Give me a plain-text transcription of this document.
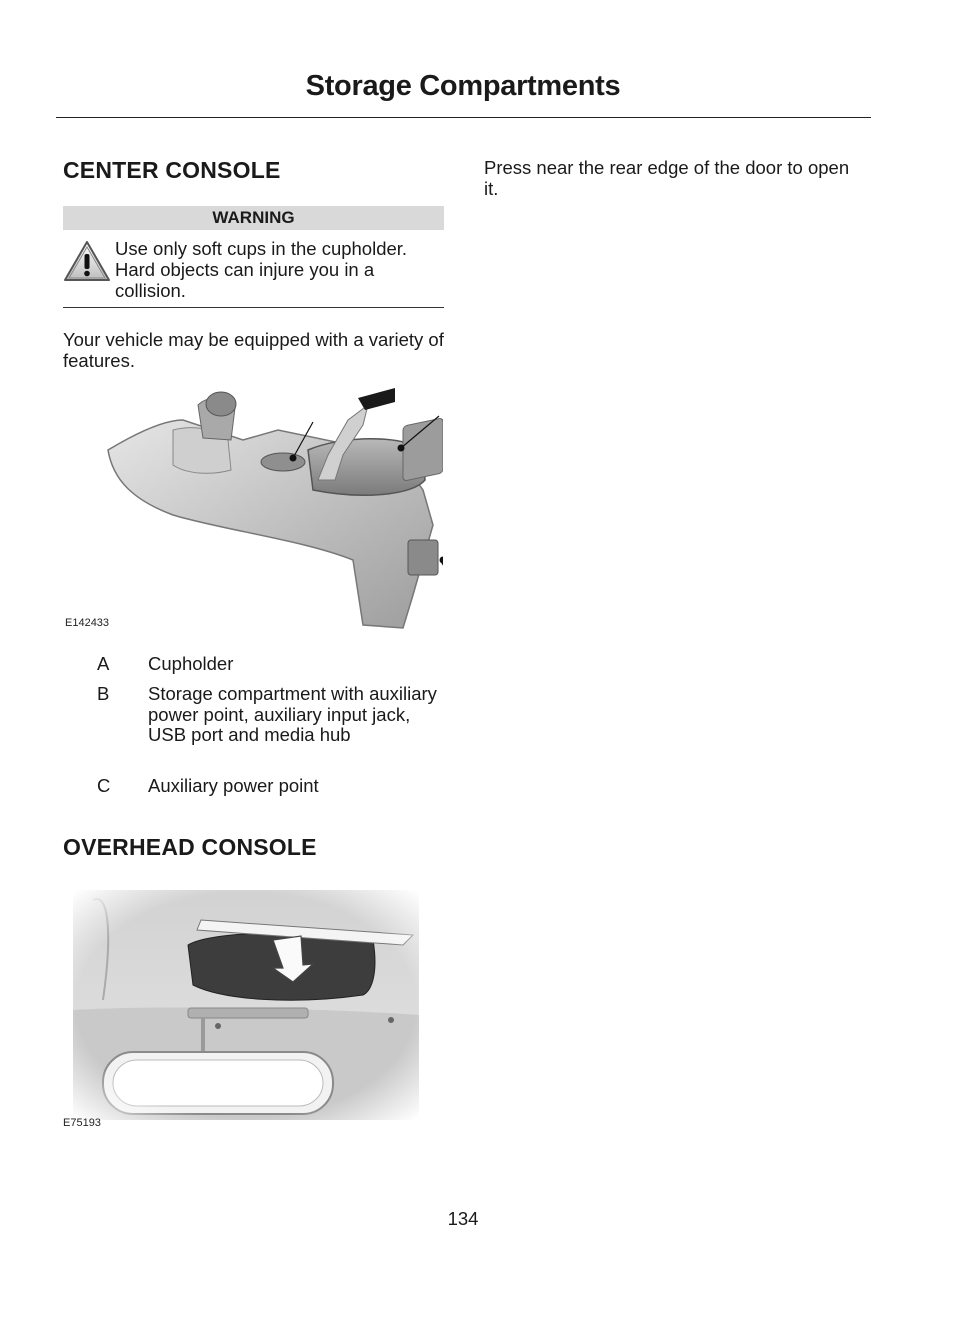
Storage Compartments
CENTER CONSOLE
WARNING

Use only soft cups in the cupholder. Hard objects can injure you in a collision.

Your vehicle may be equipped with a variety of features.

E142433
A Cupholder
B Storage compartment with auxiliary power point, auxiliary input jack, USB port and media hub
C Auxiliary power point
OVERHEAD CONSOLE
E75193

Press near the rear edge of the door to open it.

134
